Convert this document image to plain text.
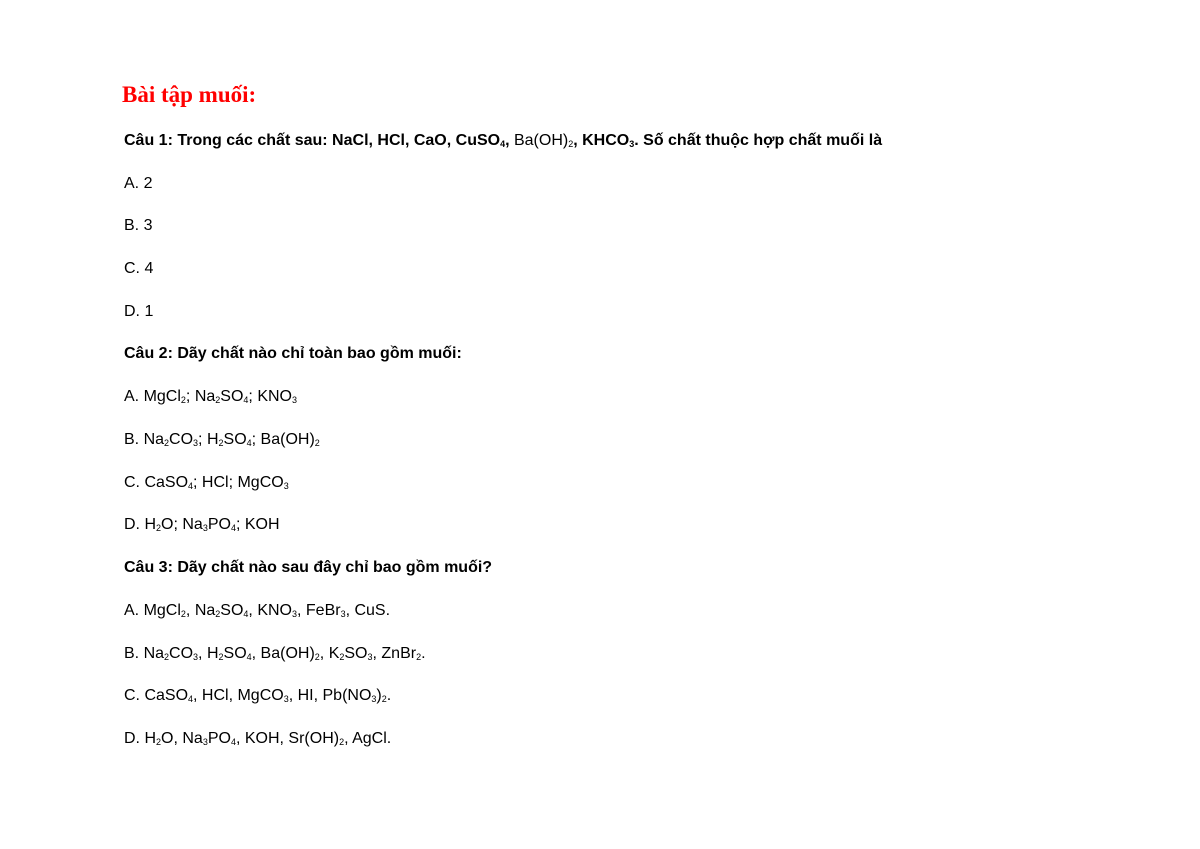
Bài tập muối:
Câu 1: Trong các chất sau: NaCl, HCl, CaO, CuSO$_4$, $Ba(OH)_2$, $KHCO_3$. Số chất thuộc hợp chất muối là
A. 2
B. 3
C. 4
D. 1
Câu 2: Dãy chất nào chỉ toàn bao gồm muối:
A. MgCl$_2$; $Na_2SO_4$; $KNO_3$
B. $Na_2CO_3$; $H_2SO_4$; $Ba(OH)_2$
C. CaSO$_4$; HCl; MgCO$_3$
D. $H_2O$; $Na_3PO_4$; KOH
Câu 3: Dãy chất nào sau đây chỉ bao gồm muối?
A. MgCl$_2$, $Na_2SO_4$, $KNO_3$, FeBr$_3$, CuS.
B. $Na_2CO_3$, $H_2SO_4$, $Ba(OH)_2$, $K_2SO_3$, ZnBr$_2$.
C. CaSO$_4$, HCl, MgCO$_3$, HI, $Pb(NO_3)_2$.
D. $H_2O$, $Na_3PO_4$, KOH, $Sr(OH)_2$, AgCl.
